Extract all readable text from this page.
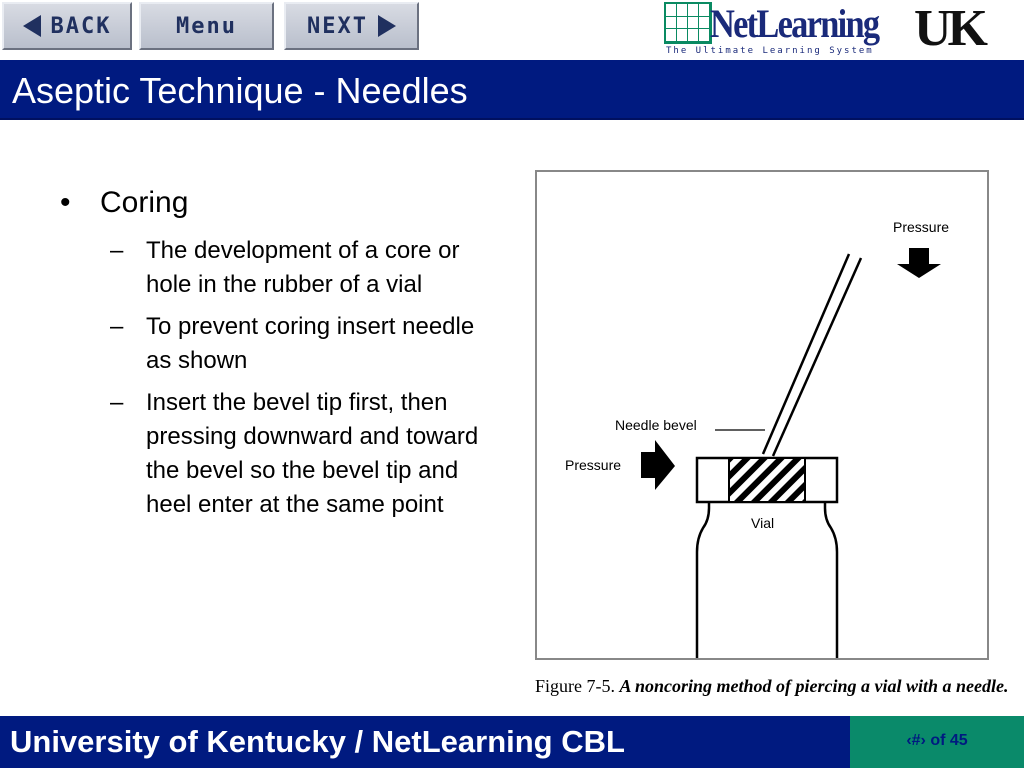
BACK	Menu	NEXT	NetLearning
The Ultimate Learning System UK
Aseptic Technique - Needles
• Coring
– The development of a core or hole in the rubber of a vial
– To prevent coring insert needle as shown
– Insert the bevel tip first, then pressing downward and toward the bevel so the bevel tip and heel enter at the same point
Pressure
Needle bevel
Pressure
Vial
Figure 7-5. A noncoring method of piercing a vial with a needle.
University of Kentucky / NetLearning CBL	‹#› of 45
